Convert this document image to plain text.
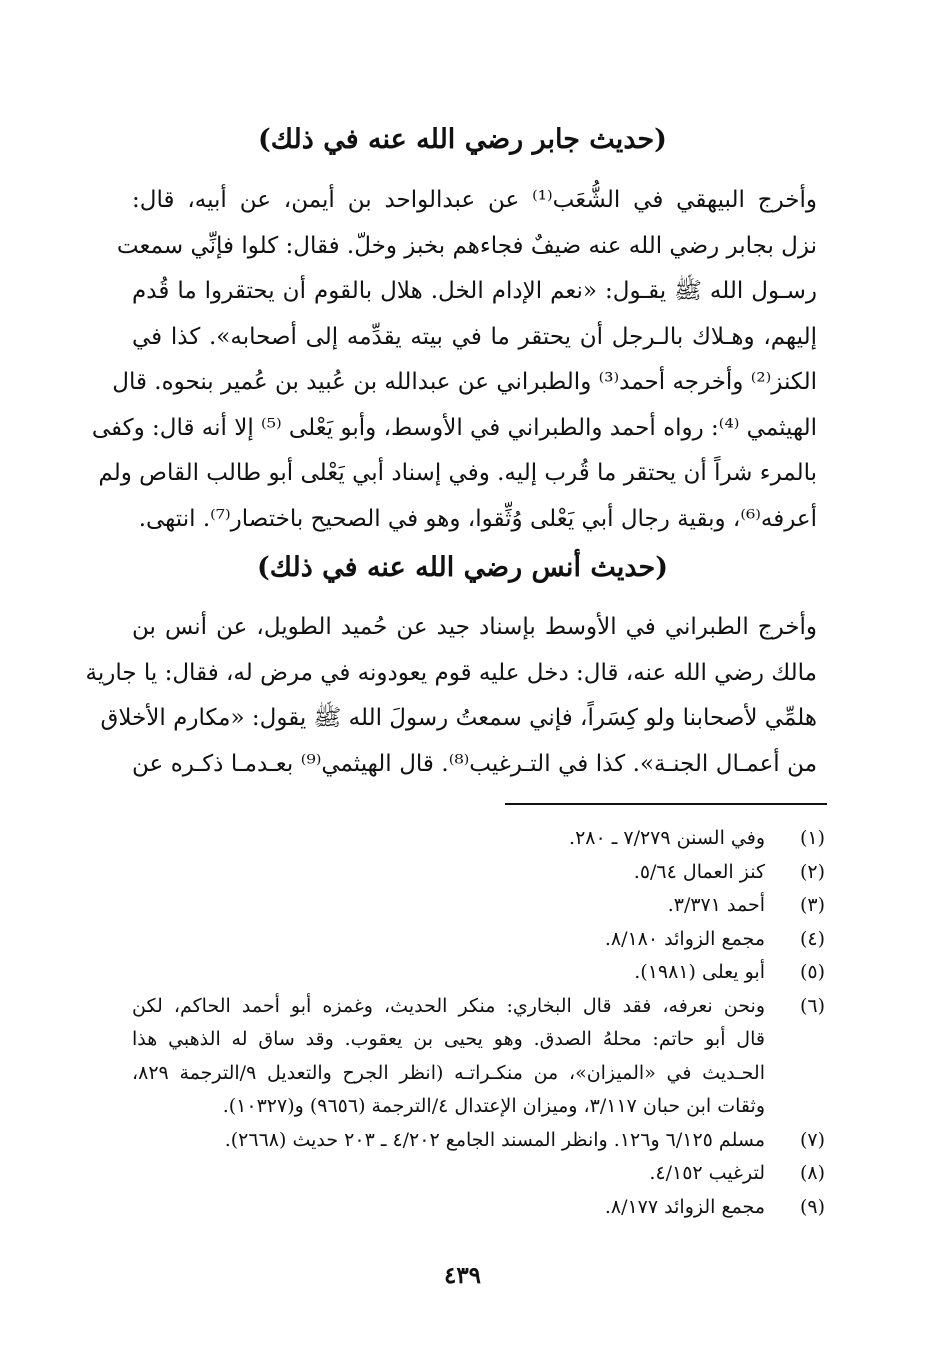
(حديث جابر رضي الله عنه في ذلك)
وأخرج البيهقي في الشُّعَب⁽¹⁾ عن عبدالواحد بن أيمن، عن أبيه، قال:
نزل بجابر رضي الله عنه ضيفٌ فجاءهم بخبز وخلّ. فقال: كلوا فإنِّي سمعت
رسـول الله ﷺ يقـول: «نعم الإدام الخل. هلال بالقوم أن يحتقروا ما قُدم
إليهم، وهـلاك بالـرجل أن يحتقر ما في بيته يقدِّمه إلى أصحابه». كذا في
الكنز⁽²⁾ وأخرجه أحمد⁽³⁾ والطبراني عن عبدالله بن عُبيد بن عُمير بنحوه. قال
الهيثمي ⁽⁴⁾: رواه أحمد والطبراني في الأوسط، وأبو يَعْلى ⁽⁵⁾ إلا أنه قال: وكفى
بالمرء شراً أن يحتقر ما قُرب إليه. وفي إسناد أبي يَعْلى أبو طالب القاص ولم
أعرفه⁽⁶⁾، وبقية رجال أبي يَعْلى وُثِّقوا، وهو في الصحيح باختصار⁽⁷⁾. انتهى.
(حديث أنس رضي الله عنه في ذلك)
وأخرج الطبراني في الأوسط بإسناد جيد عن حُميد الطويل، عن أنس بن
مالك رضي الله عنه، قال: دخل عليه قوم يعودونه في مرض له، فقال: يا جارية
هلمِّي لأصحابنا ولو كِسَراً، فإني سمعتُ رسولَ الله ﷺ يقول: «مكارم الأخلاق
من أعمـال الجنـة». كذا في التـرغيب⁽⁸⁾. قال الهيثمي⁽⁹⁾ بعـدمـا ذكـره عن
(١)
وفي السنن ٧/٢٧٩ ـ ٢٨٠.
(٢)
كنز العمال ٥/٦٤.
(٣)
أحمد ٣/٣٧١.
(٤)
مجمع الزوائد ٨/١٨٠.
(٥)
أبو يعلى (١٩٨١).
(٦)
ونحن نعرفه، فقد قال البخاري: منكر الحديث، وغمزه أبو أحمد الحاكم، لكن
قال أبو حاتم: محلهُ الصدق. وهو يحيى بن يعقوب. وقد ساق له الذهبي هذا
الحـديث في «الميزان»، من منكـراتـه (انظر الجرح والتعديل ٩/الترجمة ٨٢٩،
وثقات ابن حبان ٣/١١٧، وميزان الإعتدال ٤/الترجمة (٩٦٥٦) و(١٠٣٢٧).
(٧)
مسلم ٦/١٢٥ و١٢٦. وانظر المسند الجامع ٤/٢٠٢ ـ ٢٠٣ حديث (٢٦٦٨).
(٨)
لترغيب ٤/١٥٢.
(٩)
مجمع الزوائد ٨/١٧٧.
٤٣٩
